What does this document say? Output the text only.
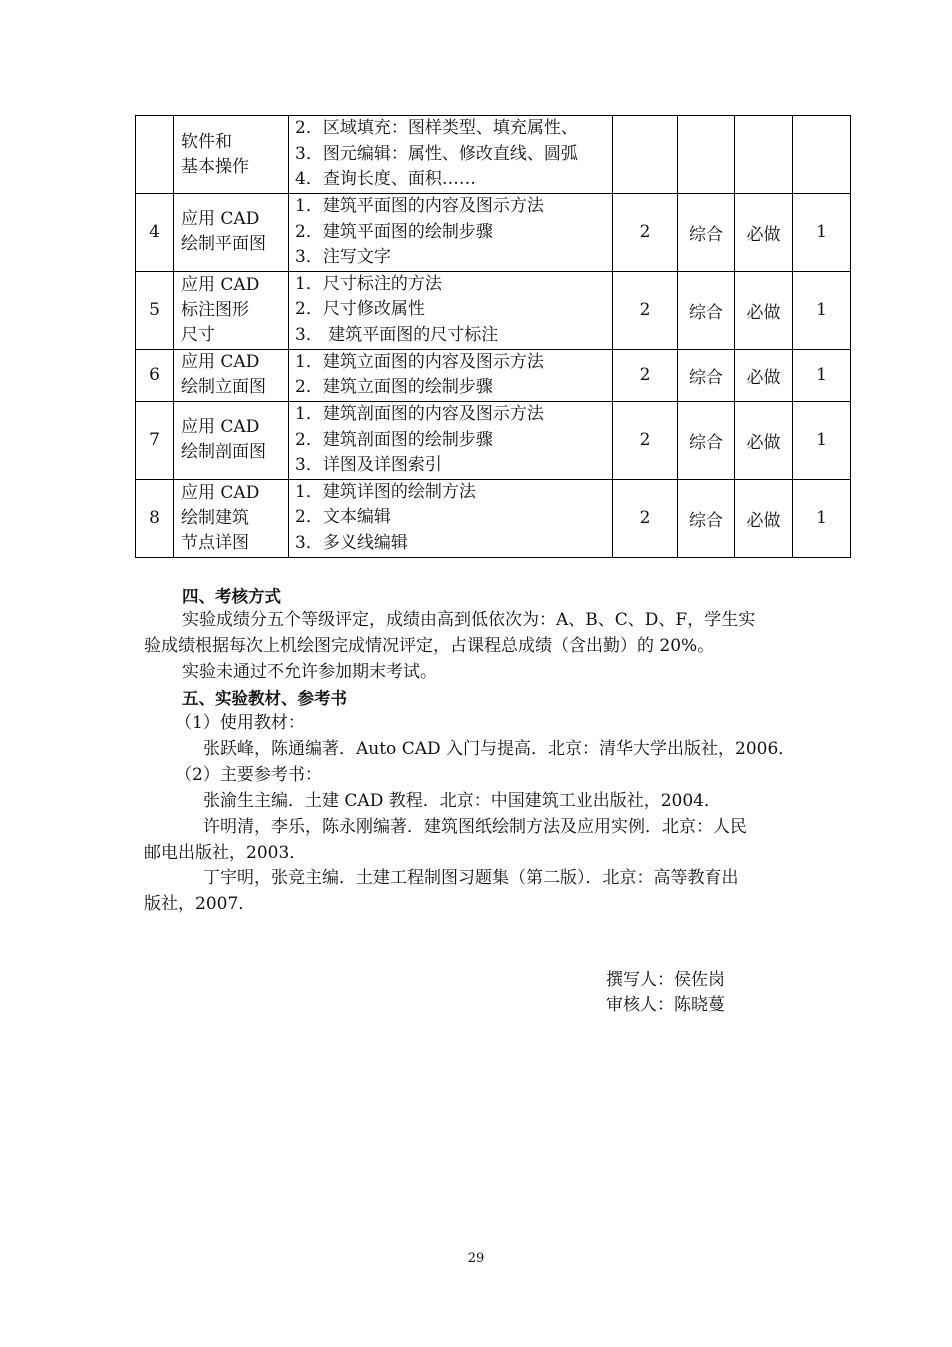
	软件和
基本操作	2．区域填充：图样类型、填充属性、
3．图元编辑：属性、修改直线、圆弧
4．查询长度、面积……				

4	应用 CAD
绘制平面图	1．建筑平面图的内容及图示方法
2．建筑平面图的绘制步骤
3．注写文字	2	综合	必做	1
5	应用 CAD
标注图形
尺寸	1．尺寸标注的方法
2．尺寸修改属性
3． 建筑平面图的尺寸标注	2	综合	必做	1
6	应用 CAD
绘制立面图	1．建筑立面图的内容及图示方法
2．建筑立面图的绘制步骤	2	综合	必做	1
7	应用 CAD
绘制剖面图	1．建筑剖面图的内容及图示方法
2．建筑剖面图的绘制步骤
3．详图及详图索引	2	综合	必做	1
8	应用 CAD
绘制建筑
节点详图	1．建筑详图的绘制方法
2．文本编辑
3．多义线编辑	2	综合	必做	1
四、考核方式
实验成绩分五个等级评定，成绩由高到低依次为：A、B、C、D、F，学生实
验成绩根据每次上机绘图完成情况评定，占课程总成绩（含出勤）的 20%。
实验未通过不允许参加期末考试。
五、实验教材、参考书
（1）使用教材：
张跃峰，陈通编著．Auto CAD 入门与提高．北京：清华大学出版社，2006．
（2）主要参考书：
张渝生主编．土建 CAD 教程．北京：中国建筑工业出版社，2004．
许明清，李乐，陈永刚编著．建筑图纸绘制方法及应用实例．北京：人民
邮电出版社，2003．
丁宇明，张竞主编．土建工程制图习题集（第二版）．北京：高等教育出
版社，2007．
撰写人：侯佐岗
审核人：陈晓蔓
29
